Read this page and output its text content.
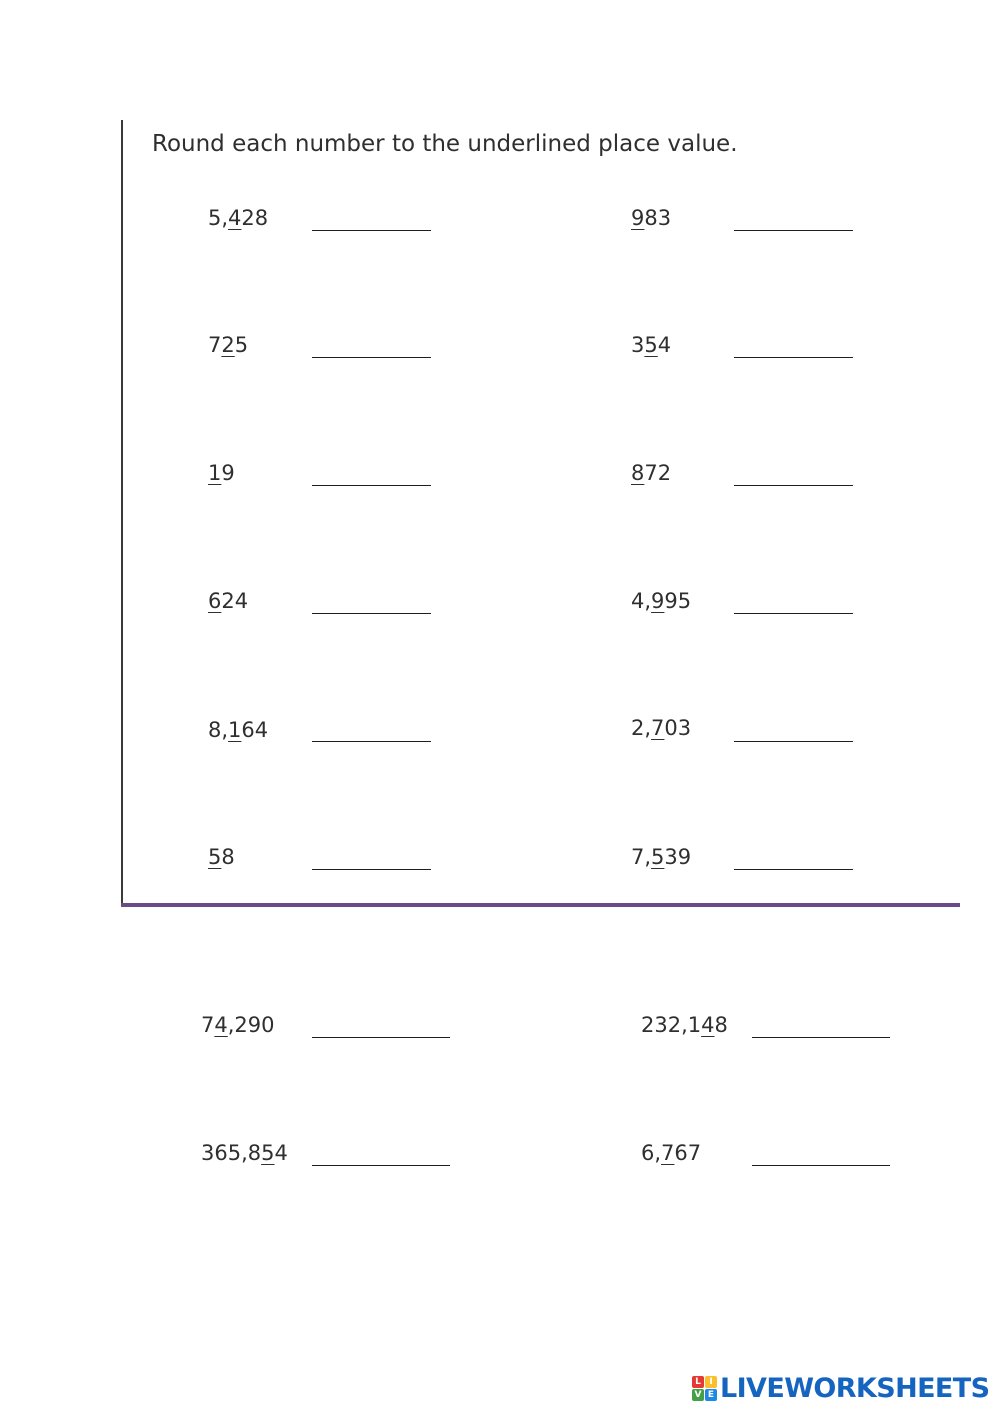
Round each number to the underlined place value.
5,428
725
19
624
8,164
58
983
354
872
4,995
2,703
7,539
74,290	232,148
365,854	6,767
L I
V E LIVEWORKSHEETS
